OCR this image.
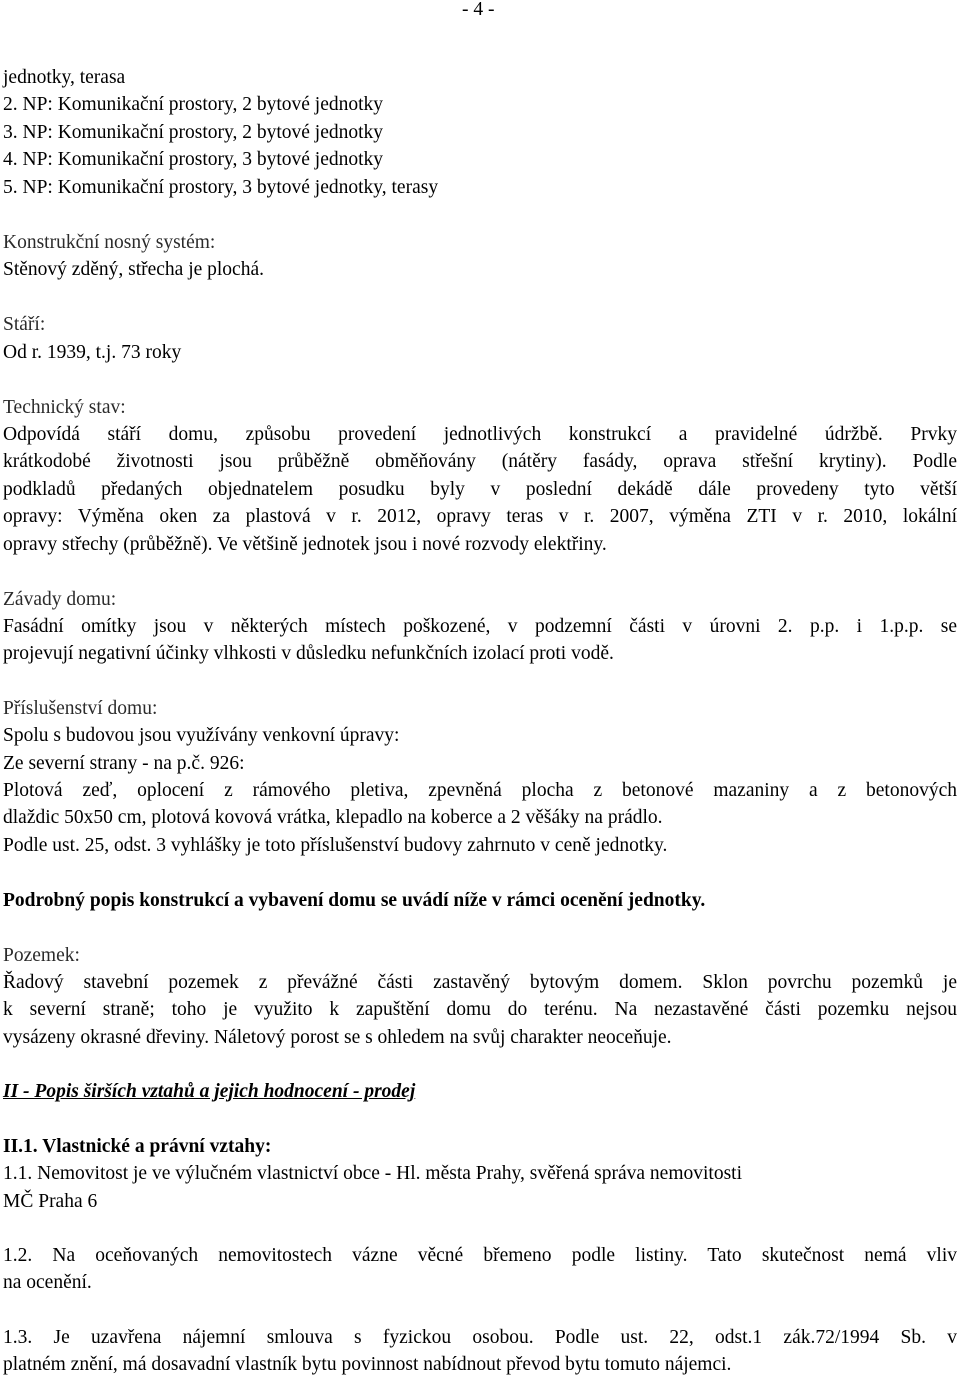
- 4 -
jednotky, terasa
2. NP: Komunikační prostory, 2 bytové jednotky
3. NP: Komunikační prostory, 2 bytové jednotky
4. NP: Komunikační prostory, 3 bytové jednotky
5. NP: Komunikační prostory, 3 bytové jednotky, terasy
Konstrukční nosný systém:
Stěnový zděný, střecha je plochá.
Stáří:
Od r. 1939, t.j. 73 roky
Technický stav:
Odpovídá stáří domu, způsobu provedení jednotlivých konstrukcí a pravidelné údržbě. Prvky
krátkodobé životnosti jsou průběžně obměňovány (nátěry fasády, oprava střešní krytiny). Podle
podkladů předaných objednatelem posudku byly v poslední dekádě dále provedeny tyto větší
opravy: Výměna oken za plastová v r. 2012, opravy teras v r. 2007, výměna ZTI v r. 2010, lokální
opravy střechy (průběžně). Ve většině jednotek jsou i nové rozvody elektřiny.
Závady domu:
Fasádní omítky jsou v některých místech poškozené, v podzemní části v úrovni 2. p.p. i 1.p.p. se
projevují negativní účinky vlhkosti v důsledku nefunkčních izolací proti vodě.
Příslušenství domu:
Spolu s budovou jsou využívány venkovní úpravy:
Ze severní strany - na p.č. 926:
Plotová zeď, oplocení z rámového pletiva, zpevněná plocha z betonové mazaniny a z betonových
dlaždic 50x50 cm, plotová kovová vrátka, klepadlo na koberce a 2 věšáky na prádlo.
Podle ust. 25, odst. 3 vyhlášky je toto příslušenství budovy zahrnuto v ceně jednotky.
Podrobný popis konstrukcí a vybavení domu se uvádí níže v rámci ocenění jednotky.
Pozemek:
Řadový stavební pozemek z převážné části zastavěný bytovým domem. Sklon povrchu pozemků je
k severní straně; toho je využito k zapuštění domu do terénu. Na nezastavěné části pozemku nejsou
vysázeny okrasné dřeviny. Náletový porost se s ohledem na svůj charakter neoceňuje.
II - Popis širších vztahů a jejich hodnocení - prodej
II.1. Vlastnické a právní vztahy:
1.1. Nemovitost je ve výlučném vlastnictví obce - Hl. města Prahy, svěřená správa nemovitosti
MČ Praha 6
1.2. Na oceňovaných nemovitostech vázne věcné břemeno podle listiny. Tato skutečnost nemá vliv
na ocenění.
1.3. Je uzavřena nájemní smlouva s fyzickou osobou. Podle ust. 22, odst.1 zák.72/1994 Sb. v
platném znění, má dosavadní vlastník bytu povinnost nabídnout převod bytu tomuto nájemci.
